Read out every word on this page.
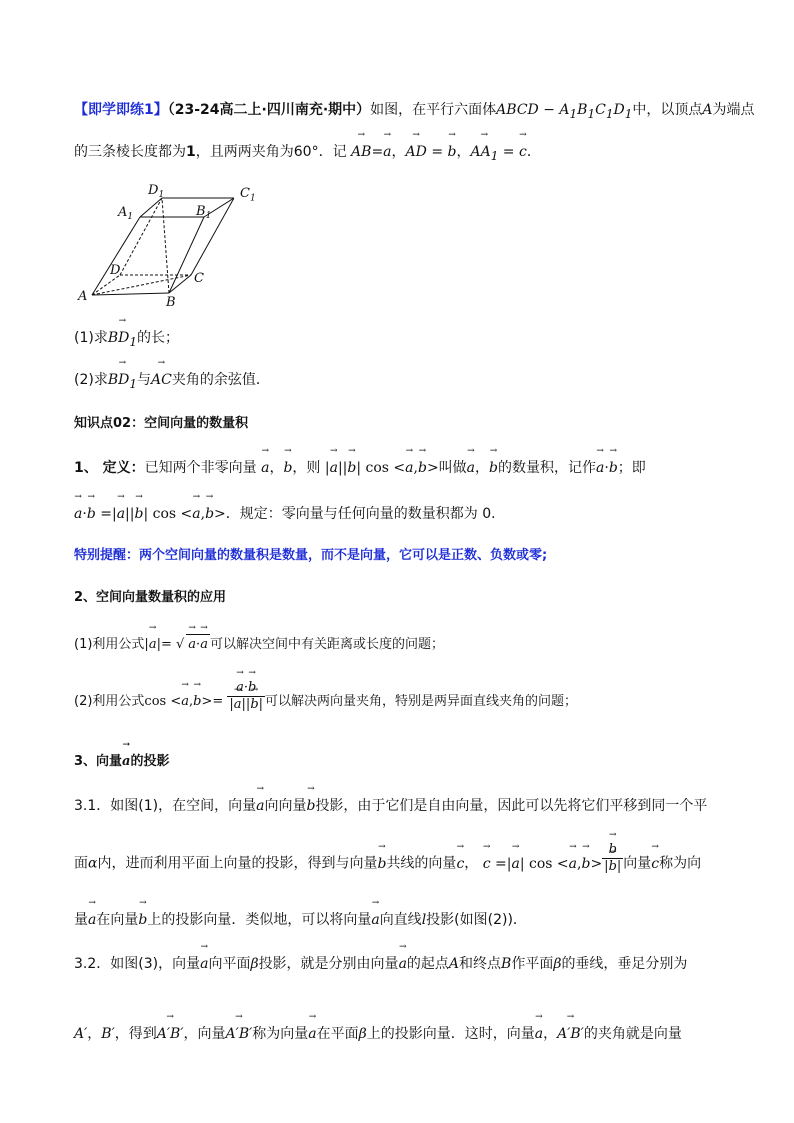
【即学即练1】（23-24高二上·四川南充·期中）如图，在平行六面体ABCD − $A_1B_1C_1D_1$中，以顶点A为端点
的三条棱长度都为1，且两两夹角为60°．记 → AB=→ a，→ AD = → b，→ $AA_1$ = → c．
$D_1$
$A_1$	$B_1$
D
C
A	B
$C_1$
(1)求→ $BD_1$的长；
(2)求→ $BD_1$与→ AC夹角的余弦值．
知识点02：空间向量的数量积
1、 定义：已知两个非零向量 → a，→ b，则 |→ a||→ b| cos <→ a,→ b>叫做→ a，→ b的数量积，记作→ a·→ b；即
→ a·→ b =|→ a||→ b| cos <→ a,→ b>．规定：零向量与任何向量的数量积都为 0.
特别提醒：两个空间向量的数量积是数量，而不是向量，它可以是正数、负数或零;
2、空间向量数量积的应用
(1)利用公式|→ a|= √→ a·→ a 可以解决空间中有关距离或长度的问题；
(2)利用公式cos <→ a,→ b>=
→ $\frac{a\cdot\to b}{|\to a||\to b|}$ 可以解决两向量夹角，特别是两异面直线夹角的问题；
3、向量→ a的投影
3.1．如图(1)，在空间，向量→ a向向量→ b投影，由于它们是自由向量，因此可以先将它们平移到同一个平
面α内，进而利用平面上向量的投影，得到与向量→ b共线的向量→ c， → c =|→ a| cos <→ a,→ b>
→ $\frac{b}{|\to b|}$ 向量→ c称为向
量→ a在向量→ b上的投影向量．类似地，可以将向量→ a向直线l投影(如图(2))．
3.2．如图(3)，向量→ a向平面β投影，就是分别由向量→ a的起点A和终点B作平面β的垂线，垂足分别为
A′，B′，得到→ A′B′，向量→ A′B′称为向量→ a在平面β上的投影向量．这时，向量→ a，→ A′B′的夹角就是向量
